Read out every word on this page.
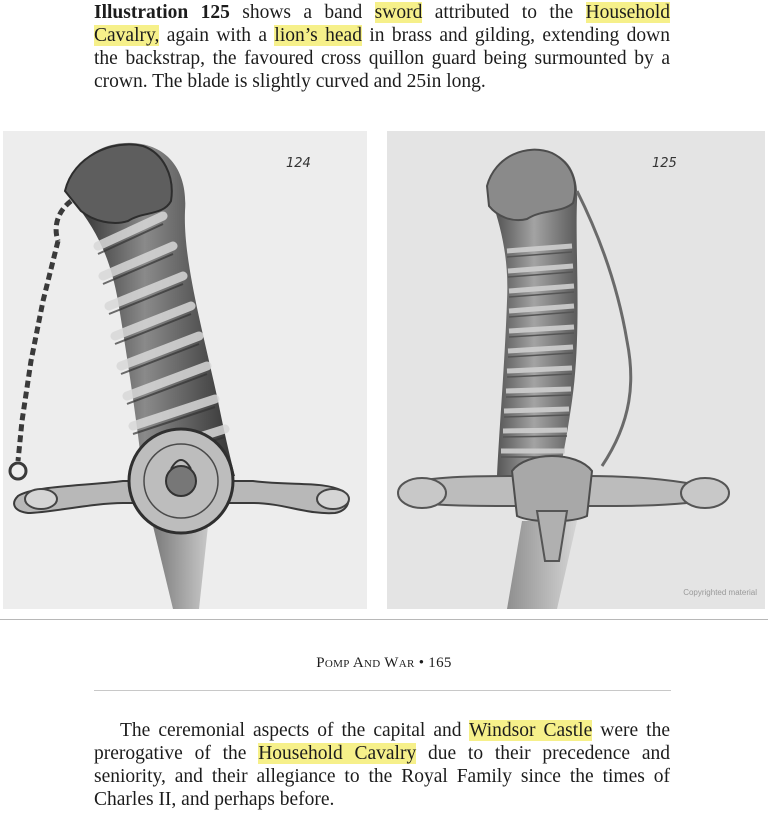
Illustration 125 shows a band sword attributed to the Household Cavalry, again with a lion’s head in brass and gilding, extending down the backstrap, the favoured cross quillon guard being surmounted by a crown. The blade is slightly curved and 25in long.

124	125
Copyrighted material
Pomp And War • 165

The ceremonial aspects of the capital and Windsor Castle were the prerogative of the Household Cavalry due to their precedence and seniority, and their allegiance to the Royal Family since the times of Charles II, and perhaps before.
